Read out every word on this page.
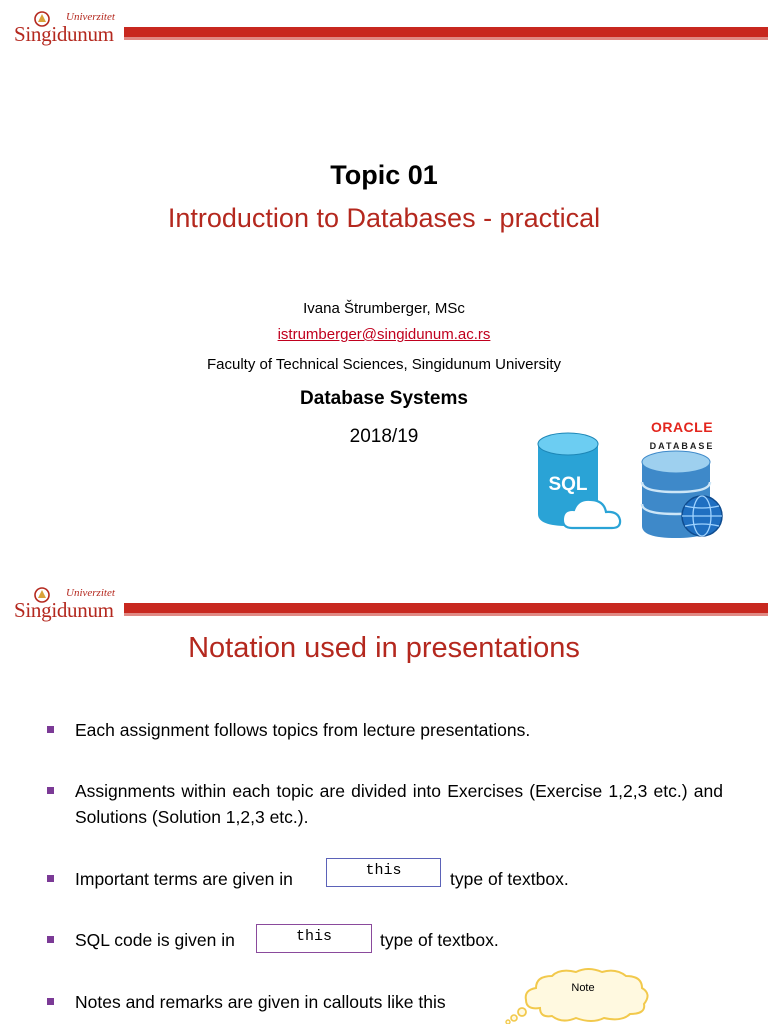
Univerzitet
Singidunum
Topic 01
Introduction to Databases - practical
Ivana Štrumberger, MSc
istrumberger@singidunum.ac.rs
Faculty of Technical Sciences, Singidunum University
Database Systems
2018/19
SQL
ORACLE
DATABASE
Univerzitet
Singidunum
Notation used in presentations
Each assignment follows topics from lecture presentations.
Assignments within each topic are divided into Exercises (Exercise 1,2,3 etc.) and Solutions (Solution 1,2,3 etc.).
Important terms are given in	this	type of textbox.
SQL code is given in	this	type of textbox.
Notes and remarks are given in callouts like this
Note
